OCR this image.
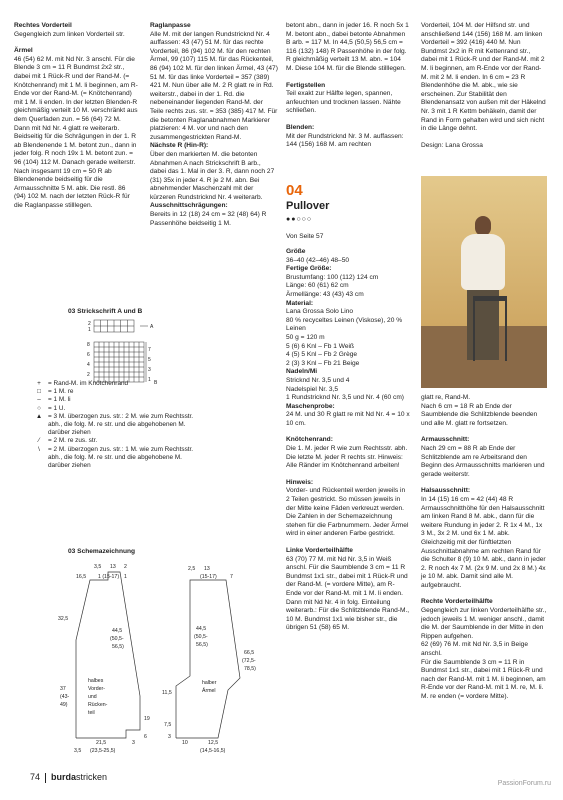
Rechtes Vorderteil

Gegengleich zum linken Vorderteil str.

Ärmel

46 (54) 62 M. mit Nd Nr. 3 anschl. Für die Blende 3 cm = 11 R Bundmst 2x2 str., dabei mit 1 Rück-R und der Rand-M. (= Knötchenrand) mit 1 M. li beginnen, am R-Ende vor der Rand-M. (= Knötchenrand) mit 1 M. li enden. In der letzten Blenden-R gleichmäßig verteilt 10 M. verschränkt aus dem Querfaden zun. = 56 (64) 72 M. Dann mit Nd Nr. 4 glatt re weiterarb. Beidseitig für die Schrägungen in der 1. R ab Blendenende 1 M. betont zun., dann in jeder folg. R noch 19x 1 M. betont zun. = 96 (104) 112 M. Danach gerade weiterstr. Nach insgesamt 19 cm = 50 R ab Blendenende beidseitig für die Armausschnitte 5 M. abk. Die restl. 86 (94) 102 M. nach der letzten Rück-R für die Raglanpasse stilllegen.

Raglanpasse

Alle M. mit der langen Rundstricknd Nr. 4 auffassen: 43 (47) 51 M. für das rechte Vorderteil, 86 (94) 102 M. für den rechten Ärmel, 99 (107) 115 M. für das Rückenteil, 86 (94) 102 M. für den linken Ärmel, 43 (47) 51 M. für das linke Vorderteil = 357 (389) 421 M. Nun über alle M. 2 R glatt re in Rd. weiterstr., dabei in der 1. Rd. die nebeneinander liegenden Rand-M. der Teile rechts zus. str. = 353 (385) 417 M. Für die betonten Raglanabnahmen Markierer platzieren: 4 M. vor und nach den zusammengestrickten Rand-M.

Nächste R (Hin-R):

Über den markierten M. die betonten Abnahmen A nach Strickschrift B arb., dabei das 1. Mal in der 3. R, dann noch 27 (31) 35x in jeder 4. R je 2 M. abn. Bei abnehmender Maschenzahl mit der kürzeren Rundstricknd Nr. 4 weiterarb.

Ausschnittschrägungen:

Bereits in 12 (18) 24 cm = 32 (48) 64) R Passenhöhe beidseitig 1 M.

betont abn., dann in jeder 16. R noch 5x 1 M. betont abn., dabei betonte Abnahmen B arb. = 117 M. In 44,5 (50,5) 56,5 cm = 116 (132) 148) R Passenhöhe in der folg. R gleichmäßig verteilt 13 M. abn. = 104 M. Diese 104 M. für die Blende stilllegen.

Fertigstellen

Teil exakt zur Hälfte legen, spannen, anfeuchten und trocknen lassen. Nähte schließen.

Blenden:

Mit der Rundstricknd Nr. 3 M. auffassen: 144 (156) 168 M. am rechten

Vorderteil, 104 M. der Hilfsnd str. und anschließend 144 (156) 168 M. am linken Vorderteil = 392 (416) 440 M. Nun Bundmst 2x2 in R mit Kettenrand str., dabei mit 1 Rück-R und der Rand-M. mit 2 M. li beginnen, am R-Ende vor der Rand-M. mit 2 M. li enden. In 6 cm = 23 R Blendenhöhe die M. abk., wie sie erscheinen. Zur Stabilität den Blendenansatz von außen mit der Häkelnd Nr. 3 mit 1 R Kettm behäkeln, damit der Rand in Form gehalten wird und sich nicht in die Länge dehnt.

Design: Lana Grossa

04
Pullover
●●○○○
Von Seite 57
Größe

36–40 (42–46) 48–50

Fertige Größe:

Brustumfang: 100 (112) 124 cm
Länge: 60 (61) 62 cm
Ärmellänge: 43 (43) 43 cm

Material:

Lana Grossa Solo Lino
80 % recyceltes Leinen (Viskose), 20 % Leinen
50 g = 120 m
5 (6) 6 Knl – Fb 1 Weiß
4 (5) 5 Knl – Fb 2 Grège
2 (3) 3 Knl – Fb 21 Beige

Nadeln/Mi

Stricknd Nr. 3,5 und 4
Nadelspiel Nr. 3,5
1 Rundstricknd Nr. 3,5 und Nr. 4 (60 cm)

Maschenprobe:

24 M. und 30 R glatt re mit Nd Nr. 4 = 10 x 10 cm.

Knötchenrand:

Die 1. M. jeder R wie zum Rechtsstr. abh. Die letzte M. jeder R rechts str. Hinweis: Alle Ränder im Knötchenrand arbeiten!

Hinweis:

Vorder- und Rückenteil werden jeweils in 2 Teilen gestrickt. So müssen jeweils in der Mitte keine Fäden verkreuzt werden. Die Zahlen in der Schemazeichnung stehen für die Farbnummern. Jeder Ärmel wird in einer anderen Farbe gestrickt.

Linke Vorderteilhälfte

63 (70) 77 M. mit Nd Nr. 3,5 in Weiß anschl. Für die Saumblende 3 cm = 11 R Bundmst 1x1 str., dabei mit 1 Rück-R und der Rand-M. (= vordere Mitte), am R-Ende vor der Rand-M. mit 1 M. li enden. Dann mit Nd Nr. 4 in folg. Einteilung weiterarb.: Für die Schlitzblende Rand-M., 10 M. Bundmst 1x1 wie bisher str., die übrigen 51 (58) 65 M.

glatt re, Rand-M.
Nach 6 cm = 18 R ab Ende der Saumblende die Schlitzblende beenden und alle M. glatt re fortsetzen.

Armausschnitt:

Nach 29 cm = 88 R ab Ende der Schlitzblende am re Arbeitsrand den Beginn des Armausschnitts markieren und gerade weiterstr.

Halsausschnitt:

In 14 (15) 16 cm = 42 (44) 48 R Armausschnitthöhe für den Halsausschnitt am linken Rand 8 M. abk., dann für die weitere Rundung in jeder 2. R 1x 4 M., 1x 3 M., 3x 2 M. und 6x 1 M. abk.
Gleichzeitig mit der fünftletzten Ausschnittabnahme am rechten Rand für die Schulter 8 (9) 10 M. abk., dann in jeder 2. R noch 4x 7 M. (2x 9 M. und 2x 8 M.) 4x je 10 M. abk. Damit sind alle M. aufgebraucht.

Rechte Vorderteilhälfte

Gegengleich zur linken Vorderteilhälfte str., jedoch jeweils 1 M. weniger anschl., damit die M. der Saumblende in der Mitte in den Rippen aufgehen.
62 (69) 76 M. mit Nd Nr. 3,5 in Beige anschl.
Für die Saumblende 3 cm = 11 R in Bundmst 1x1 str., dabei mit 1 Rück-R und nach der Rand-M. mit 1 M. li beginnen, am R-Ende vor der Rand-M. mit 1 M. re, M. li. M. re enden (= vordere Mitte).

03 Strickschrift A und B
2
1	A
8
6
4
2
7
5
3
1 B
+	= Rand-M. im Knötchenrand
□	= 1 M. re
–	= 1 M. li
○	= 1 U.
▲ = 3 M. überzogen zus. str.: 2 M. wie zum Rechtsstr.
abh., die folg. M. re str. und die abgehobenen M.
darüber ziehen
⁄	= 2 M. re zus. str.
\	= 2 M. überzogen zus. str.: 1 M. wie zum Rechtsstr.
abh., die folg. M. re str. und die abgehobene M.
darüber ziehen
03 Schemazeichnung
3,5 13 2
16,5 1 (15-17) 1
32,5
37
(43-
49)
44,5
(50,5-
56,5)
halbes
Vorder-
und
Rücken-
teil
19
6
3
21,5
(23,5-25,5)
3,5
2,5 13
(15-17)	7
44,5
(50,5-
56,5)
66,5
(72,5-
78,5)
halber
Ärmel
11,5
7,5
3
10	12,5
(14,5-16,5)
74 burdastricken
PassionForum.ru
